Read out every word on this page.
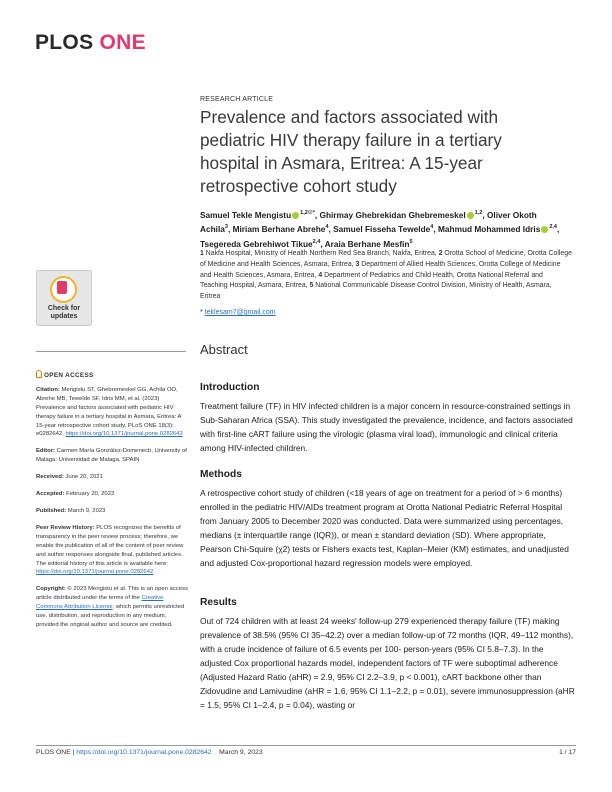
PLOS ONE
RESEARCH ARTICLE
Prevalence and factors associated with pediatric HIV therapy failure in a tertiary hospital in Asmara, Eritrea: A 15-year retrospective cohort study
Samuel Tekle Mengistu $^{1,2☉*}$, Ghirmay Ghebrekidan Ghebremeskel $^{1,2}$, Oliver Okoth Achila$^3$, Miriam Berhane Abrehe$^4$, Samuel Fisseha Tewelde$^4$, Mahmud Mohammed Idris $^{2,4}$, Tsegereda Gebrehiwot Tikue$^{2,4}$, Araia Berhane Mesfin$^5$
1 Nakfa Hospital, Ministry of Health Northern Red Sea Branch, Nakfa, Eritrea, 2 Orotta School of Medicine, Orotta College of Medicine and Health Sciences, Asmara, Eritrea, 3 Department of Allied Health Sciences, Orotta College of Medicine and Health Sciences, Asmara, Eritrea, 4 Department of Pediatrics and Child Health, Orotta National Referral and Teaching Hospital, Asmara, Eritrea, 5 National Communicable Disease Control Division, Ministry of Health, Asmara, Eritrea
* teklesam7@gmail.com
Check for
updates
Abstract
OPEN ACCESS

Citation: Mengistu ST, Ghebremeskel GG, Achila OO, Abrehe MB, Tewelde SF, Idris MM, et al. (2023) Prevalence and factors associated with pediatric HIV therapy failure in a tertiary hospital in Asmara, Eritrea: A 15-year retrospective cohort study. PLoS ONE 18(3): e0282642. https://doi.org/10.1371/journal.pone.0282642

Editor: Carmen María González-Domenech, University of Malaga: Universidad de Malaga, SPAIN

Received: June 20, 2021

Accepted: February 20, 2023

Published: March 9, 2023

Peer Review History: PLOS recognizes the benefits of transparency in the peer review process; therefore, we enable the publication of all of the content of peer review and author responses alongside final, published articles. The editorial history of this article is available here: https://doi.org/10.1371/journal.pone.0282642

Copyright: © 2023 Mengistu et al. This is an open access article distributed under the terms of the Creative Commons Attribution License, which permits unrestricted use, distribution, and reproduction in any medium, provided the original author and source are credited.

Introduction

Treatment failure (TF) in HIV infected children is a major concern in resource-constrained settings in Sub-Saharan Africa (SSA). This study investigated the prevalence, incidence, and factors associated with first-line cART failure using the virologic (plasma viral load), immunologic and clinical criteria among HIV-infected children.

Methods

A retrospective cohort study of children (<18 years of age on treatment for a period of > 6 months) enrolled in the pediatric HIV/AIDs treatment program at Orotta National Pediatric Referral Hospital from January 2005 to December 2020 was conducted. Data were summarized using percentages, medians (± interquartile range (IQR)), or mean ± standard deviation (SD). Where appropriate, Pearson Chi-Squire (χ2) tests or Fishers exacts test, Kaplan–Meier (KM) estimates, and unadjusted and adjusted Cox-proportional hazard regression models were employed.

Results

Out of 724 children with at least 24 weeks' follow-up 279 experienced therapy failure (TF) making prevalence of 38.5% (95% CI 35–42.2) over a median follow-up of 72 months (IQR, 49–112 months), with a crude incidence of failure of 6.5 events per 100- person-years (95% CI 5.8–7.3). In the adjusted Cox proportional hazards model, independent factors of TF were suboptimal adherence (Adjusted Hazard Ratio (aHR) = 2.9, 95% CI 2.2–3.9, p < 0.001), cART backbone other than Zidovudine and Lamivudine (aHR = 1.6, 95% CI 1.1–2.2, p = 0.01), severe immunosuppression (aHR = 1.5, 95% CI 1–2.4, p = 0.04), wasting or

PLOS ONE | https://doi.org/10.1371/journal.pone.0282642 March 9, 2023	1 / 17
